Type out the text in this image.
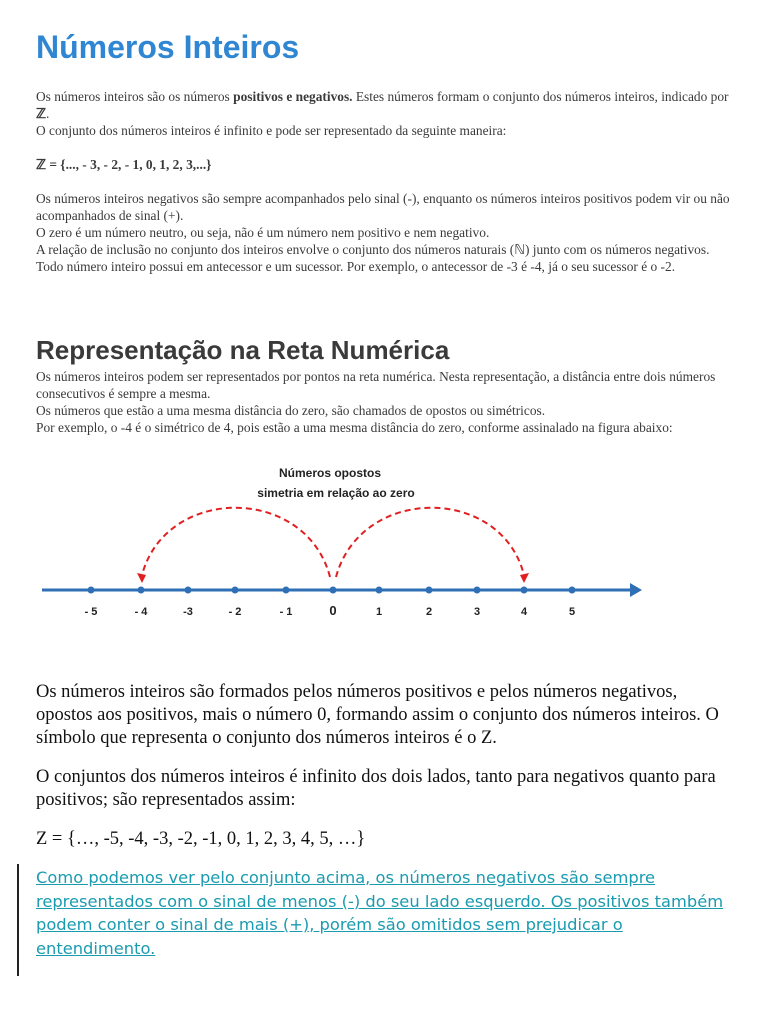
Números Inteiros

Os números inteiros são os números positivos e negativos. Estes números formam o conjunto dos números inteiros, indicado por ℤ.

O conjunto dos números inteiros é infinito e pode ser representado da seguinte maneira:

ℤ = {..., - 3, - 2, - 1, 0, 1, 2, 3,...}

Os números inteiros negativos são sempre acompanhados pelo sinal (-), enquanto os números inteiros positivos podem vir ou não acompanhados de sinal (+).

O zero é um número neutro, ou seja, não é um número nem positivo e nem negativo.

A relação de inclusão no conjunto dos inteiros envolve o conjunto dos números naturais (ℕ) junto com os números negativos.

Todo número inteiro possui em antecessor e um sucessor. Por exemplo, o antecessor de -3 é -4, já o seu sucessor é o -2.

Representação na Reta Numérica

Os números inteiros podem ser representados por pontos na reta numérica. Nesta representação, a distância entre dois números consecutivos é sempre a mesma.

Os números que estão a uma mesma distância do zero, são chamados de opostos ou simétricos.

Por exemplo, o -4 é o simétrico de 4, pois estão a uma mesma distância do zero, conforme assinalado na figura abaixo:

Números opostos
simetria em relação ao zero
- 5	- 4	-3	- 2	- 1	0	1	2	3	4	5

Os números inteiros são formados pelos números positivos e pelos números negativos, opostos aos positivos, mais o número 0, formando assim o conjunto dos números inteiros. O símbolo que representa o conjunto dos números inteiros é o Z.

O conjuntos dos números inteiros é infinito dos dois lados, tanto para negativos quanto para positivos; são representados assim:

Z = {…, -5, -4, -3, -2, -1, 0, 1, 2, 3, 4, 5, …}

Como podemos ver pelo conjunto acima, os números negativos são sempre representados com o sinal de menos (-) do seu lado esquerdo. Os positivos também podem conter o sinal de mais (+), porém são omitidos sem prejudicar o entendimento.
